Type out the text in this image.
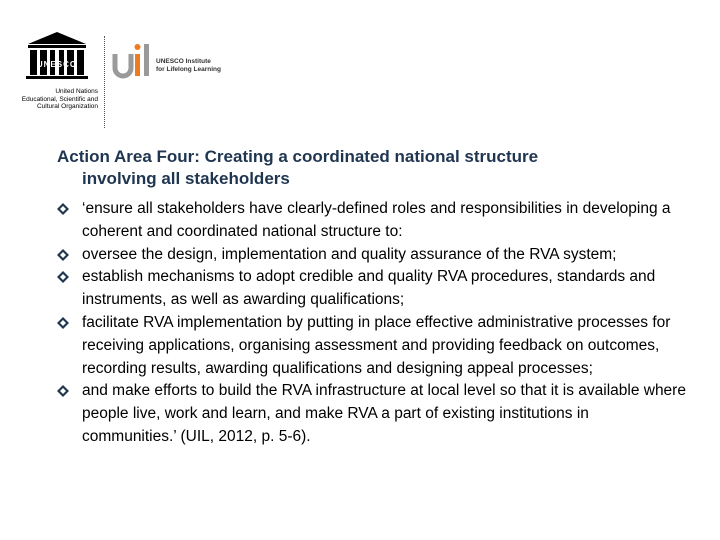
UNESCO
United Nations
Educational, Scientific and
Cultural Organization
UNESCO Institute
for Lifelong Learning
Action Area Four: Creating a coordinated national structure
involving all stakeholders
‘ensure all stakeholders have clearly-defined roles and responsibilities in developing a coherent and coordinated national structure to:
oversee the design, implementation and quality assurance of the RVA system;
establish mechanisms to adopt credible and quality RVA procedures, standards and instruments, as well as awarding qualifications;
facilitate RVA implementation by putting in place effective administrative processes for receiving applications, organising assessment and providing feedback on outcomes, recording results, awarding qualifications and designing appeal processes;
and make efforts to build the RVA infrastructure at local level so that it is available where people live, work and learn, and make RVA a part of existing institutions in communities.’ (UIL, 2012, p. 5-6).
